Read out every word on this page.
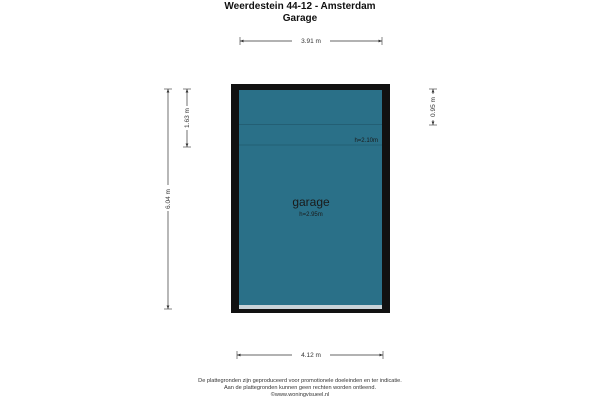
Weerdestein 44-12 - Amsterdam
Garage
3.91 m
4.12 m
6.04 m
1.63 m
0.95 m
h=2.10m
garage
h=2.95m
De plattegronden zijn geproduceerd voor promotionele doeleinden en ter indicatie.
Aan de plattegronden kunnen geen rechten worden ontleend.
©www.woningvisueel.nl
